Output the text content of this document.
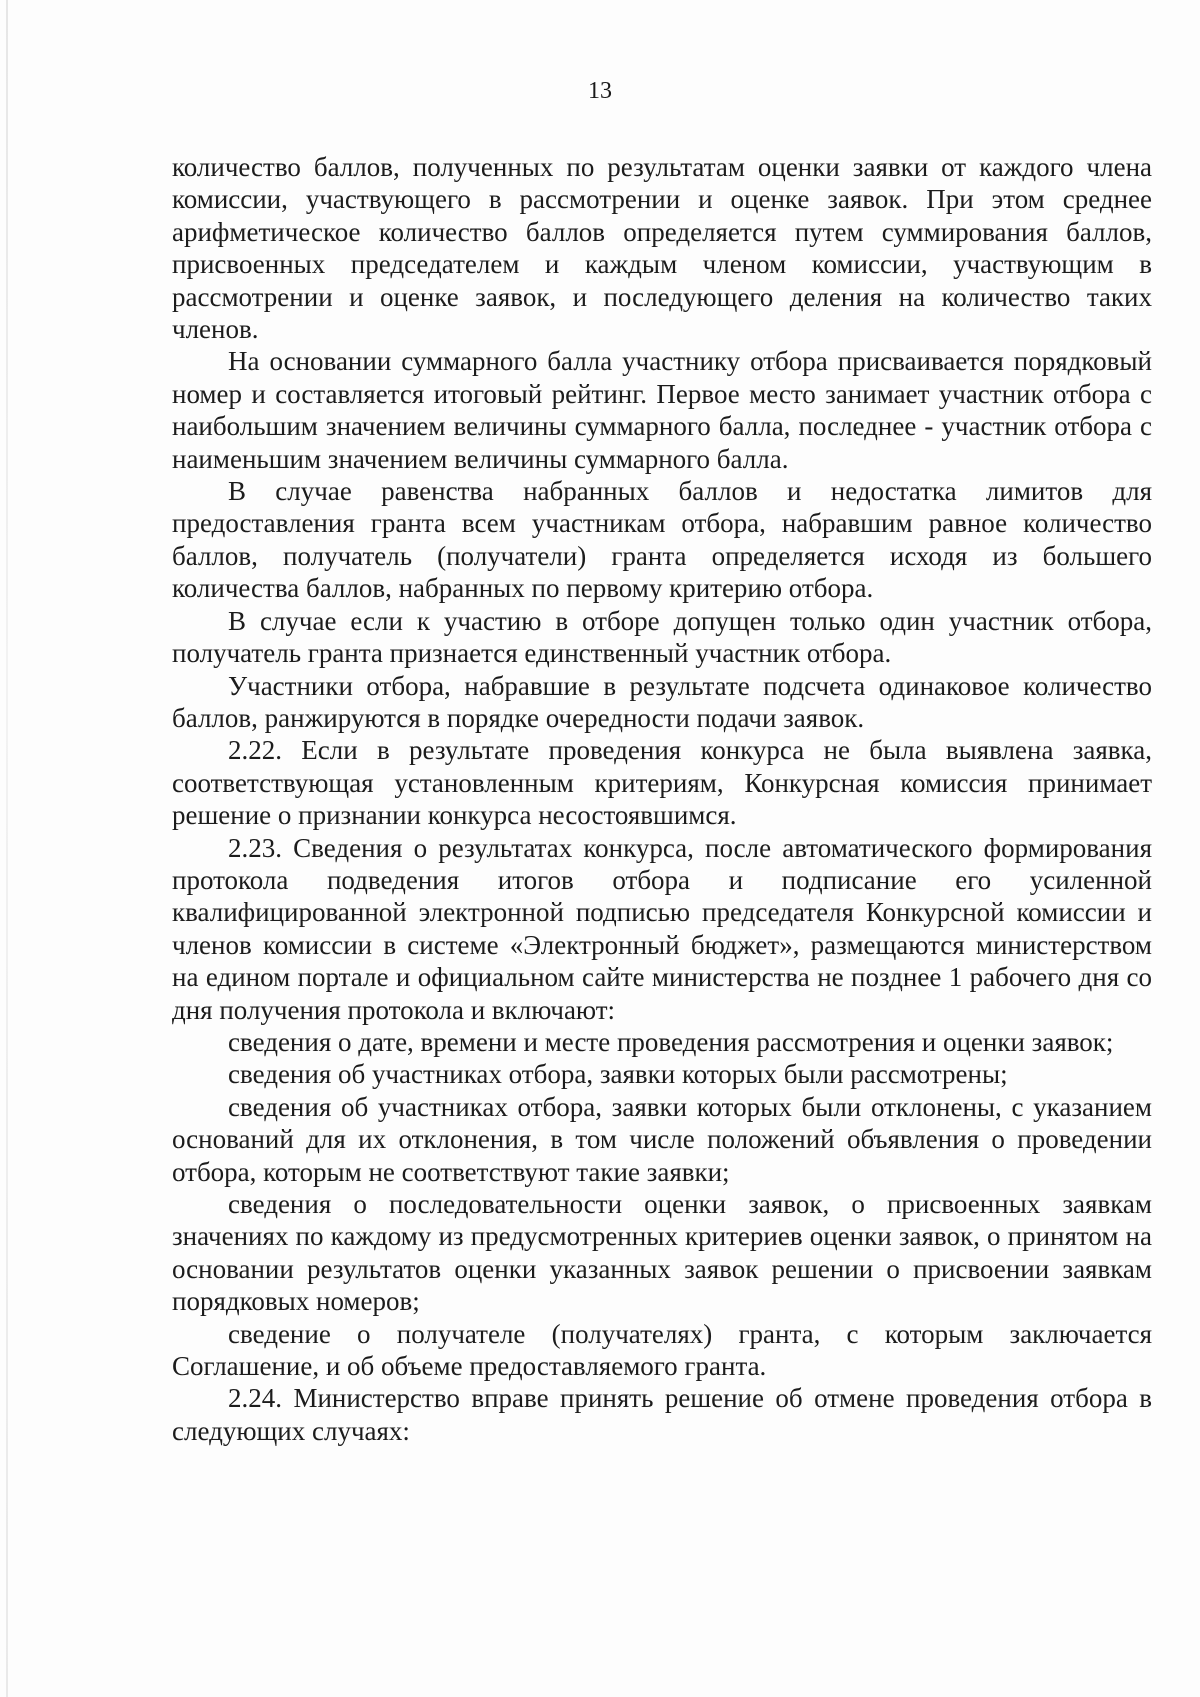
13

количество баллов, полученных по результатам оценки заявки от каждого члена комиссии, участвующего в рассмотрении и оценке заявок. При этом среднее арифметическое количество баллов определяется путем суммирования баллов, присвоенных председателем и каждым членом комиссии, участвующим в рассмотрении и оценке заявок, и последующего деления на количество таких членов.

На основании суммарного балла участнику отбора присваивается порядковый номер и составляется итоговый рейтинг. Первое место занимает участник отбора с наибольшим значением величины суммарного балла, последнее - участник отбора с наименьшим значением величины суммарного балла.

В случае равенства набранных баллов и недостатка лимитов для предоставления гранта всем участникам отбора, набравшим равное количество баллов, получатель (получатели) гранта определяется исходя из большего количества баллов, набранных по первому критерию отбора.

В случае если к участию в отборе допущен только один участник отбора, получатель гранта признается единственный участник отбора.

Участники отбора, набравшие в результате подсчета одинаковое количество баллов, ранжируются в порядке очередности подачи заявок.

2.22. Если в результате проведения конкурса не была выявлена заявка, соответствующая установленным критериям, Конкурсная комиссия принимает решение о признании конкурса несостоявшимся.

2.23. Сведения о результатах конкурса, после автоматического формирования протокола подведения итогов отбора и подписание его усиленной квалифицированной электронной подписью председателя Конкурсной комиссии и членов комиссии в системе «Электронный бюджет», размещаются министерством на едином портале и официальном сайте министерства не позднее 1 рабочего дня со дня получения протокола и включают:

сведения о дате, времени и месте проведения рассмотрения и оценки заявок;

сведения об участниках отбора, заявки которых были рассмотрены;

сведения об участниках отбора, заявки которых были отклонены, с указанием оснований для их отклонения, в том числе положений объявления о проведении отбора, которым не соответствуют такие заявки;

сведения о последовательности оценки заявок, о присвоенных заявкам значениях по каждому из предусмотренных критериев оценки заявок, о принятом на основании результатов оценки указанных заявок решении о присвоении заявкам порядковых номеров;

сведение о получателе (получателях) гранта, с которым заключается Соглашение, и об объеме предоставляемого гранта.

2.24. Министерство вправе принять решение об отмене проведения отбора в следующих случаях:
